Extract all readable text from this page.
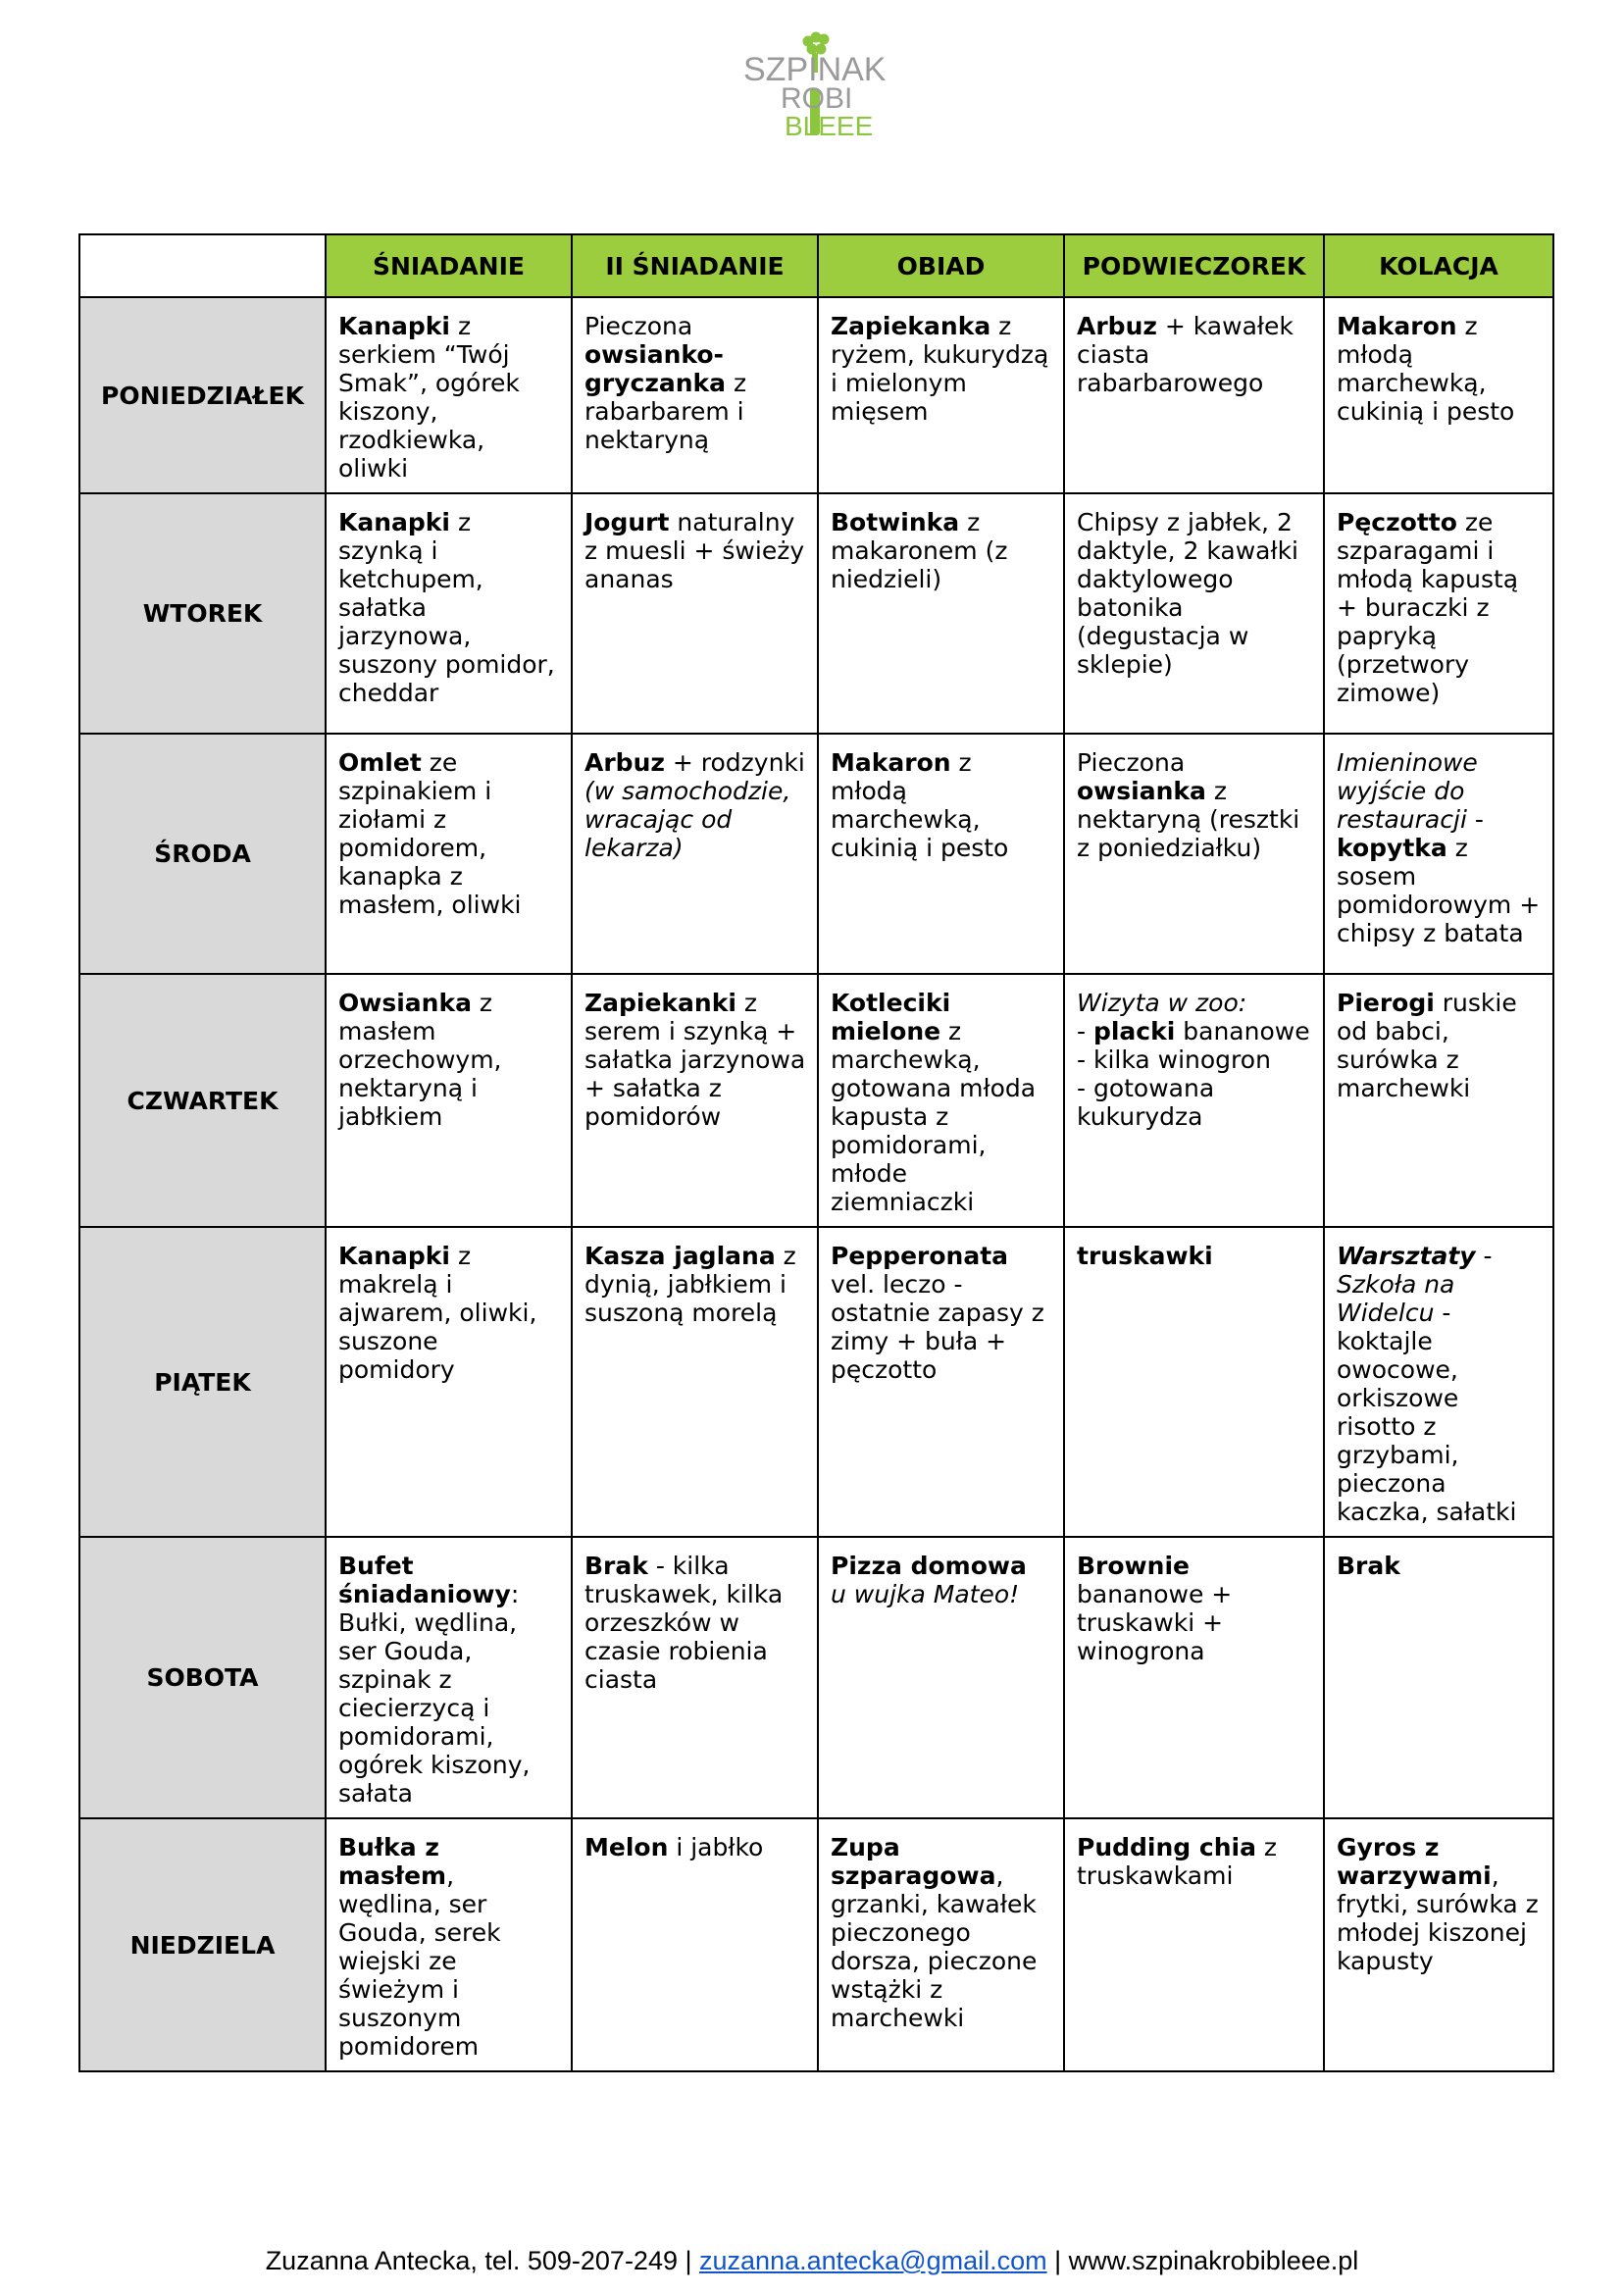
SZPINAK
ROBI
BLEEE
	ŚNIADANIE	II ŚNIADANIE	OBIAD	PODWIECZOREK	KOLACJA
PONIEDZIAŁEK	Kanapki z serkiem “Twój Smak”, ogórek kiszony, rzodkiewka, oliwki	Pieczona owsianko-gryczanka z rabarbarem i nektaryną	Zapiekanka z ryżem, kukurydzą i mielonym mięsem	Arbuz + kawałek ciasta rabarbarowego	Makaron z młodą marchewką, cukinią i pesto
WTOREK	Kanapki z szynką i ketchupem, sałatka jarzynowa, suszony pomidor, cheddar	Jogurt naturalny z muesli + świeży ananas	Botwinka z makaronem (z niedzieli)	Chipsy z jabłek, 2 daktyle, 2 kawałki daktylowego batonika (degustacja w sklepie)	Pęczotto ze szparagami i młodą kapustą + buraczki z papryką (przetwory zimowe)
ŚRODA	Omlet ze szpinakiem i ziołami z pomidorem, kanapka z masłem, oliwki	Arbuz + rodzynki (w samochodzie, wracając od lekarza)	Makaron z młodą marchewką, cukinią i pesto	Pieczona owsianka z nektaryną (resztki z poniedziałku)	Imieninowe wyjście do restauracji - kopytka z sosem pomidorowym + chipsy z batata
CZWARTEK	Owsianka z masłem orzechowym, nektaryną i jabłkiem	Zapiekanki z serem i szynką + sałatka jarzynowa + sałatka z pomidorów	Kotleciki mielone z marchewką, gotowana młoda kapusta z pomidorami, młode ziemniaczki	Wizyta w zoo:
- placki bananowe
- kilka winogron
- gotowana kukurydza	Pierogi ruskie od babci, surówka z marchewki
PIĄTEK	Kanapki z makrelą i ajwarem, oliwki, suszone pomidory	Kasza jaglana z dynią, jabłkiem i suszoną morelą	Pepperonata vel. leczo - ostatnie zapasy z zimy + buła + pęczotto	truskawki	Warsztaty - Szkoła na Widelcu - koktajle owocowe, orkiszowe risotto z grzybami, pieczona kaczka, sałatki
SOBOTA	Bufet śniadaniowy: Bułki, wędlina, ser Gouda, szpinak z ciecierzycą i pomidorami, ogórek kiszony, sałata	Brak - kilka truskawek, kilka orzeszków w czasie robienia ciasta	Pizza domowa
u wujka Mateo!	Brownie bananowe + truskawki + winogrona	Brak
NIEDZIELA	Bułka z masłem, wędlina, ser Gouda, serek wiejski ze świeżym i suszonym pomidorem	Melon i jabłko	Zupa szparagowa, grzanki, kawałek pieczonego dorsza, pieczone wstążki z marchewki	Pudding chia z truskawkami	Gyros z warzywami, frytki, surówka z młodej kiszonej kapusty
Zuzanna Antecka, tel. 509-207-249 | zuzanna.antecka@gmail.com | www.szpinakrobibleee.pl
